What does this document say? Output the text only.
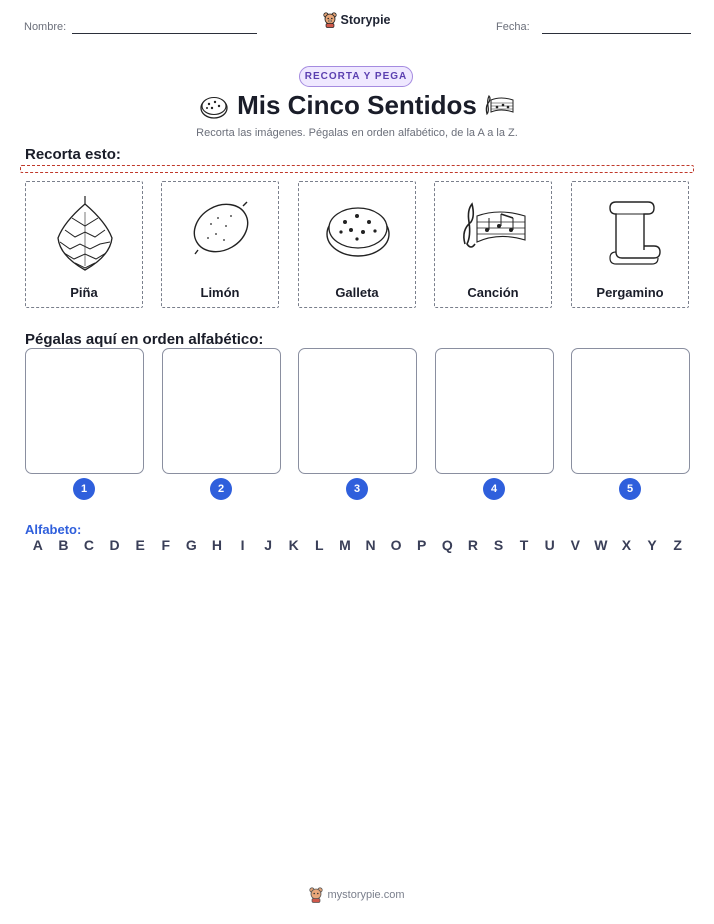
Nombre:	Storypie	Fecha:
RECORTA Y PEGA
Mis Cinco Sentidos
Recorta las imágenes. Pégalas en orden alfabético, de la A a la Z.
Recorta esto:
Piña	Limón	Galleta	Canción	Pergamino
Pégalas aquí en orden alfabético:
1	2	3	4	5
Alfabeto:
A	B	C	D	E	F	G	H	I	J	K	L	M	N	O	P	Q	R	S	T	U	V	W	X	Y	Z
mystorypie.com
